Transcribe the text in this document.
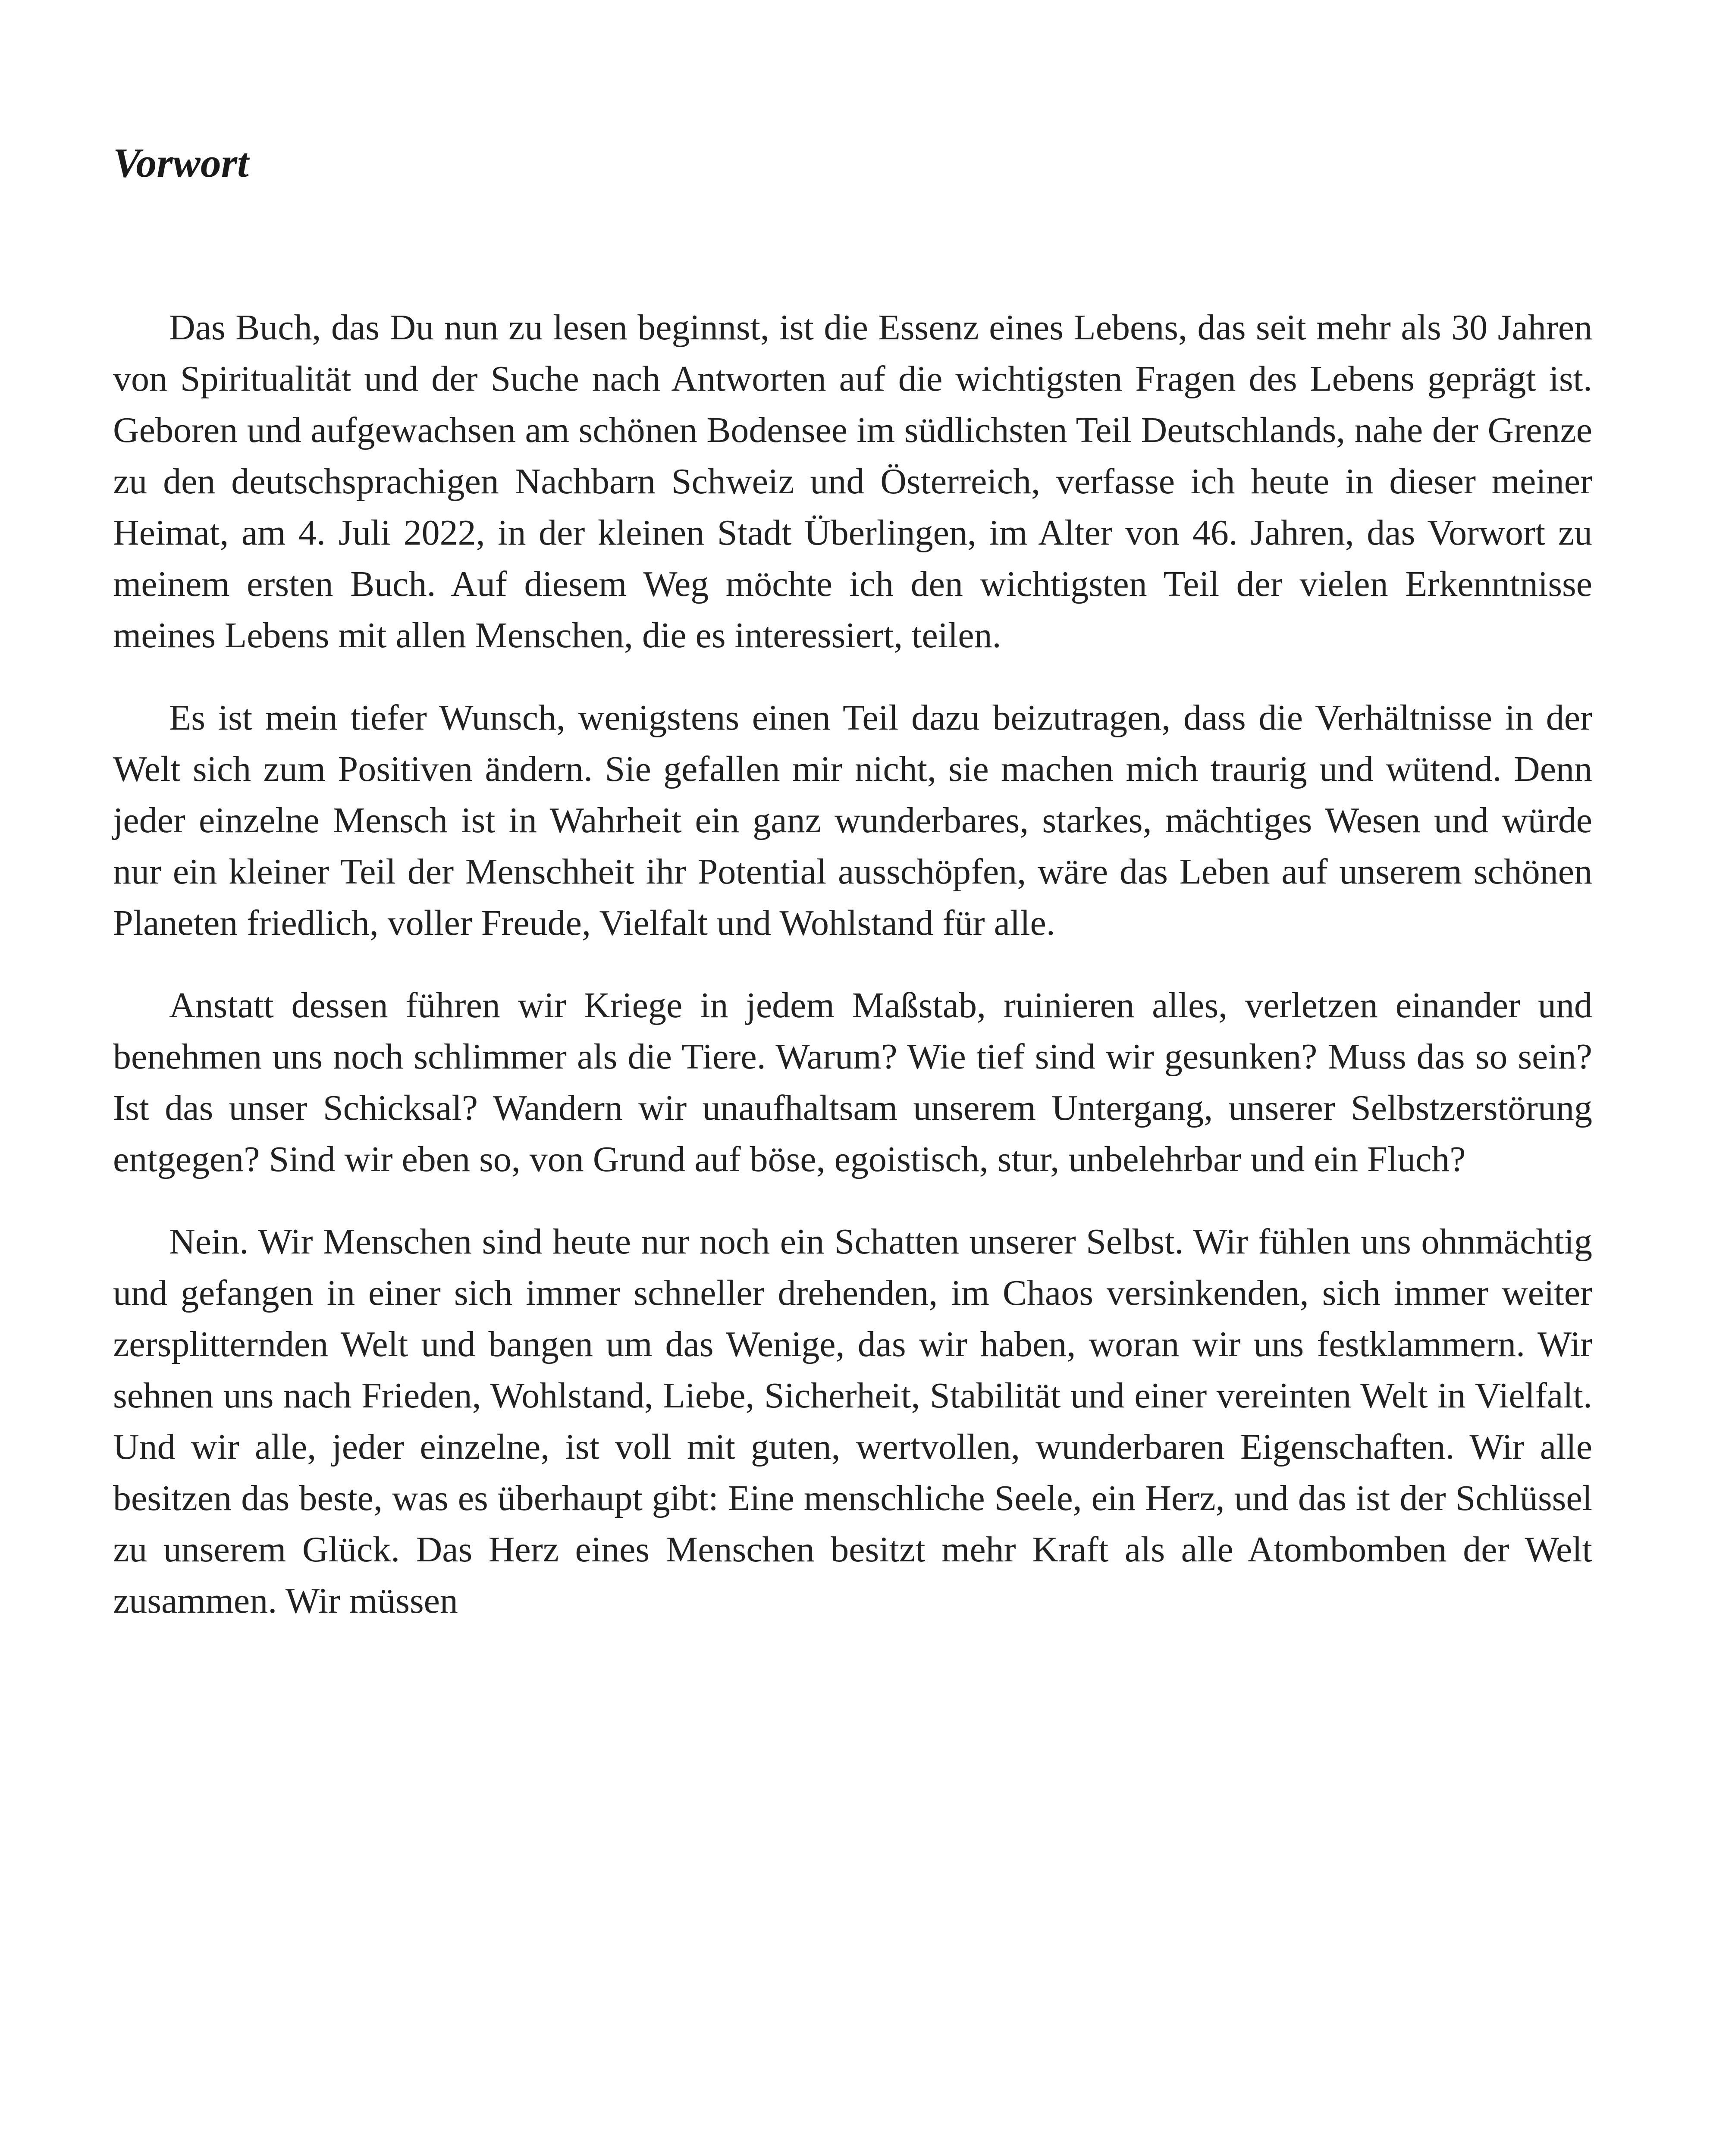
Vorwort

Das Buch, das Du nun zu lesen beginnst, ist die Essenz eines Lebens, das seit mehr als 30 Jahren von Spiritualität und der Suche nach Antworten auf die wichtigsten Fragen des Lebens geprägt ist. Geboren und aufgewachsen am schönen Bodensee im südlichsten Teil Deutschlands, nahe der Grenze zu den deutschsprachigen Nachbarn Schweiz und Österreich, verfasse ich heute in dieser meiner Heimat, am 4. Juli 2022, in der kleinen Stadt Überlingen, im Alter von 46. Jahren, das Vorwort zu meinem ersten Buch. Auf diesem Weg möchte ich den wichtigsten Teil der vielen Erkenntnisse meines Lebens mit allen Menschen, die es interessiert, teilen.

Es ist mein tiefer Wunsch, wenigstens einen Teil dazu beizutragen, dass die Verhältnisse in der Welt sich zum Positiven ändern. Sie gefallen mir nicht, sie machen mich traurig und wütend. Denn jeder einzelne Mensch ist in Wahrheit ein ganz wunderbares, starkes, mächtiges Wesen und würde nur ein kleiner Teil der Menschheit ihr Potential ausschöpfen, wäre das Leben auf unserem schönen Planeten friedlich, voller Freude, Vielfalt und Wohlstand für alle.

Anstatt dessen führen wir Kriege in jedem Maßstab, ruinieren alles, verletzen einander und benehmen uns noch schlimmer als die Tiere. Warum? Wie tief sind wir gesunken? Muss das so sein? Ist das unser Schicksal? Wandern wir unaufhaltsam unserem Untergang, unserer Selbstzerstörung entgegen? Sind wir eben so, von Grund auf böse, egoistisch, stur, unbelehrbar und ein Fluch?

Nein. Wir Menschen sind heute nur noch ein Schatten unserer Selbst. Wir fühlen uns ohnmächtig und gefangen in einer sich immer schneller drehenden, im Chaos versinkenden, sich immer weiter zersplitternden Welt und bangen um das Wenige, das wir haben, woran wir uns festklammern. Wir sehnen uns nach Frieden, Wohlstand, Liebe, Sicherheit, Stabilität und einer vereinten Welt in Vielfalt. Und wir alle, jeder einzelne, ist voll mit guten, wertvollen, wunderbaren Eigenschaften. Wir alle besitzen das beste, was es überhaupt gibt: Eine menschliche Seele, ein Herz, und das ist der Schlüssel zu unserem Glück. Das Herz eines Menschen besitzt mehr Kraft als alle Atombomben der Welt zusammen. Wir müssen
